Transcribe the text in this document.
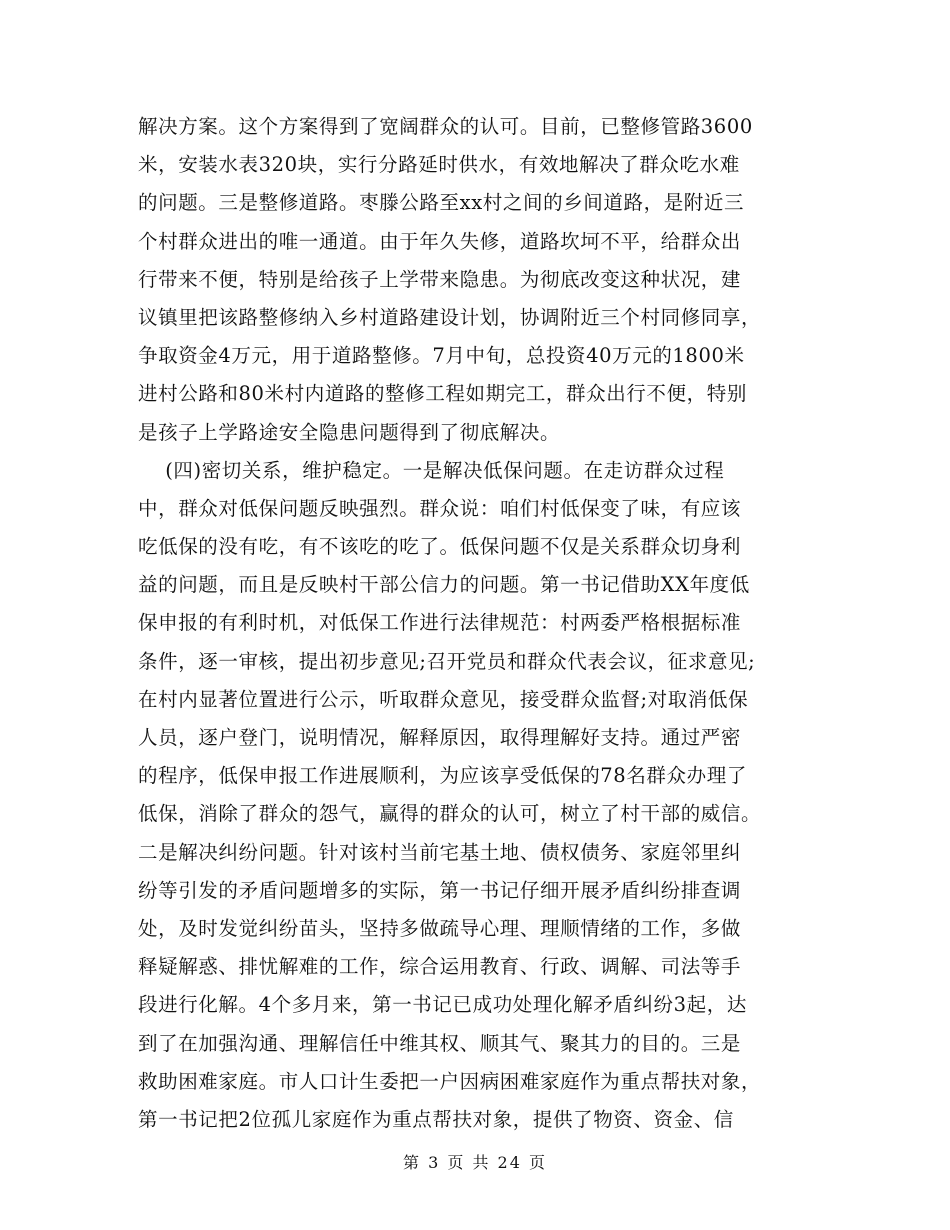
解决方案。这个方案得到了宽阔群众的认可。目前，已整修管路3600
米，安装水表320块，实行分路延时供水，有效地解决了群众吃水难
的问题。三是整修道路。枣滕公路至xx村之间的乡间道路，是附近三
个村群众进出的唯一通道。由于年久失修，道路坎坷不平，给群众出
行带来不便，特别是给孩子上学带来隐患。为彻底改变这种状况，建
议镇里把该路整修纳入乡村道路建设计划，协调附近三个村同修同享，
争取资金4万元，用于道路整修。7月中旬，总投资40万元的1800米
进村公路和80米村内道路的整修工程如期完工，群众出行不便，特别
是孩子上学路途安全隐患问题得到了彻底解决。
(四)密切关系，维护稳定。一是解决低保问题。在走访群众过程
中，群众对低保问题反映强烈。群众说：咱们村低保变了味，有应该
吃低保的没有吃，有不该吃的吃了。低保问题不仅是关系群众切身利
益的问题，而且是反映村干部公信力的问题。第一书记借助XX年度低
保申报的有利时机，对低保工作进行法律规范：村两委严格根据标准
条件，逐一审核，提出初步意见;召开党员和群众代表会议，征求意见;
在村内显著位置进行公示，听取群众意见，接受群众监督;对取消低保
人员，逐户登门，说明情况，解释原因，取得理解好支持。通过严密
的程序，低保申报工作进展顺利，为应该享受低保的78名群众办理了
低保，消除了群众的怨气，赢得的群众的认可，树立了村干部的威信。
二是解决纠纷问题。针对该村当前宅基土地、债权债务、家庭邻里纠
纷等引发的矛盾问题增多的实际，第一书记仔细开展矛盾纠纷排查调
处，及时发觉纠纷苗头，坚持多做疏导心理、理顺情绪的工作，多做
释疑解惑、排忧解难的工作，综合运用教育、行政、调解、司法等手
段进行化解。4个多月来，第一书记已成功处理化解矛盾纠纷3起，达
到了在加强沟通、理解信任中维其权、顺其气、聚其力的目的。三是
救助困难家庭。市人口计生委把一户因病困难家庭作为重点帮扶对象，
第一书记把2位孤儿家庭作为重点帮扶对象，提供了物资、资金、信
第 3 页 共 24 页
